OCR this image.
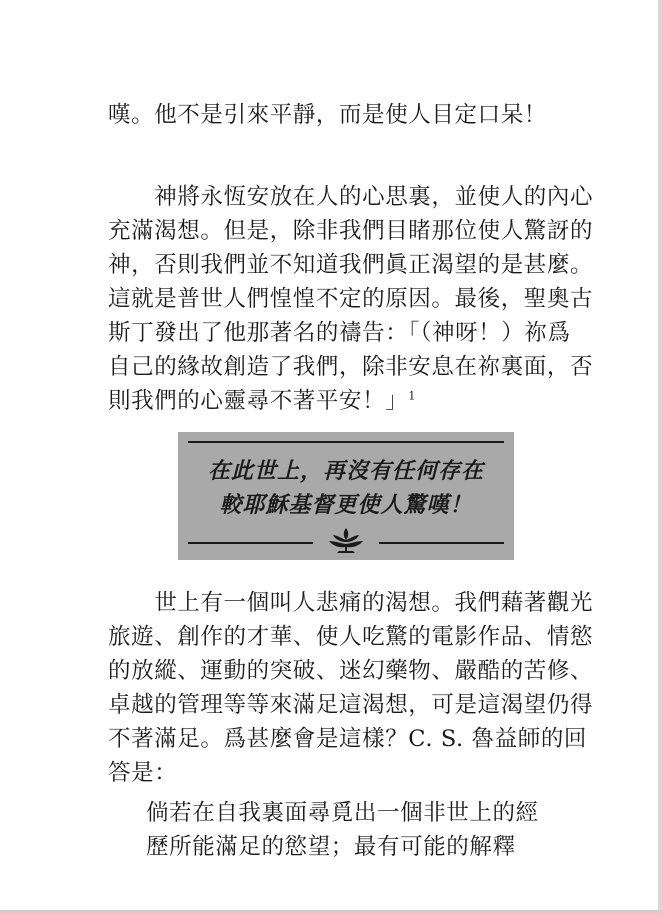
嘆。他不是引來平靜，而是使人目定口呆！
　　神將永恆安放在人的心思裏，並使人的內心
充滿渴想。但是，除非我們目睹那位使人驚訝的
神，否則我們並不知道我們眞正渴望的是甚麼。
這就是普世人們惶惶不定的原因。最後，聖奧古
斯丁發出了他那著名的禱告：「（神呀！）祢爲
自己的緣故創造了我們，除非安息在祢裏面，否
則我們的心靈尋不著平安！」$^1$
在此世上，再沒有任何存在
較耶穌基督更使人驚嘆！
　　世上有一個叫人悲痛的渴想。我們藉著觀光
旅遊、創作的才華、使人吃驚的電影作品、情慾
的放縱、運動的突破、迷幻藥物、嚴酷的苦修、
卓越的管理等等來滿足這渴想，可是這渴望仍得
不著滿足。爲甚麼會是這樣？C. S. 魯益師的回
答是：
倘若在自我裏面尋覓出一個非世上的經
歷所能滿足的慾望；最有可能的解釋
